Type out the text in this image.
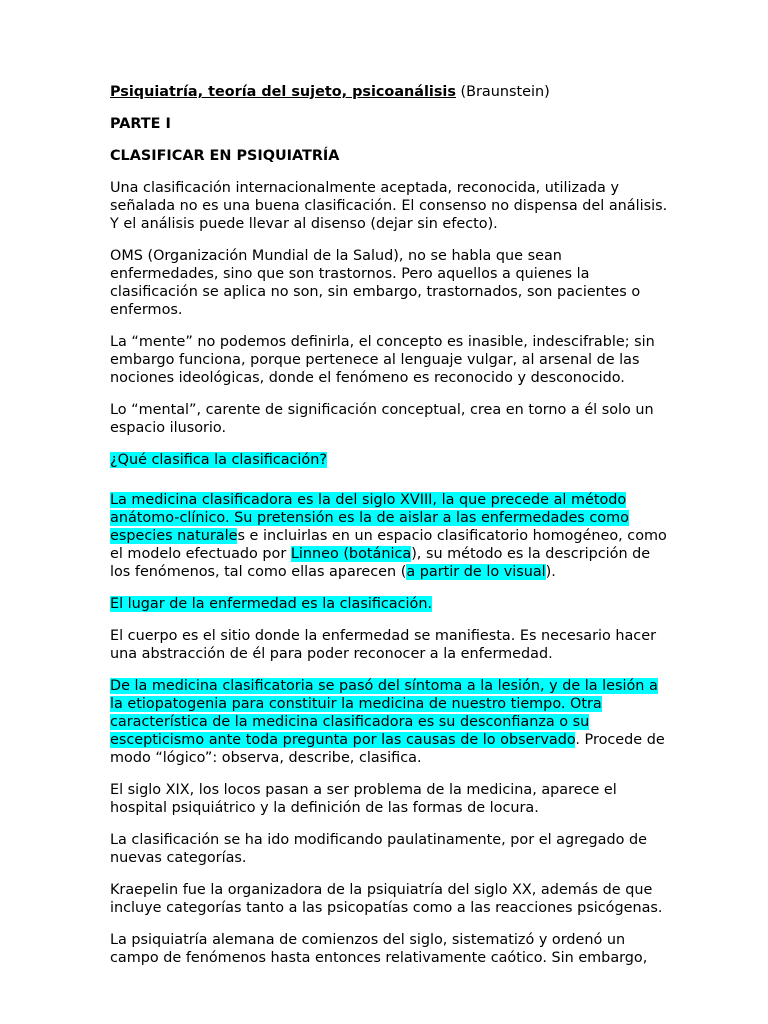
Psiquiatría, teoría del sujeto, psicoanálisis (Braunstein)

PARTE I

CLASIFICAR EN PSIQUIATRÍA

Una clasificación internacionalmente aceptada, reconocida, utilizada y señalada no es una buena clasificación. El consenso no dispensa del análisis. Y el análisis puede llevar al disenso (dejar sin efecto).

OMS (Organización Mundial de la Salud), no se habla que sean enfermedades, sino que son trastornos. Pero aquellos a quienes la clasificación se aplica no son, sin embargo, trastornados, son pacientes o enfermos.

La “mente” no podemos definirla, el concepto es inasible, indescifrable; sin embargo funciona, porque pertenece al lenguaje vulgar, al arsenal de las nociones ideológicas, donde el fenómeno es reconocido y desconocido.

Lo “mental”, carente de significación conceptual, crea en torno a él solo un espacio ilusorio.

¿Qué clasifica la clasificación?

La medicina clasificadora es la del siglo XVIII, la que precede al método anátomo-clínico. Su pretensión es la de aislar a las enfermedades como especies naturales e incluirlas en un espacio clasificatorio homogéneo, como el modelo efectuado por Linneo (botánica), su método es la descripción de los fenómenos, tal como ellas aparecen (a partir de lo visual).

El lugar de la enfermedad es la clasificación.

El cuerpo es el sitio donde la enfermedad se manifiesta. Es necesario hacer una abstracción de él para poder reconocer a la enfermedad.

De la medicina clasificatoria se pasó del síntoma a la lesión, y de la lesión a la etiopatogenia para constituir la medicina de nuestro tiempo. Otra característica de la medicina clasificadora es su desconfianza o su escepticismo ante toda pregunta por las causas de lo observado. Procede de modo “lógico”: observa, describe, clasifica.

El siglo XIX, los locos pasan a ser problema de la medicina, aparece el hospital psiquiátrico y la definición de las formas de locura.

La clasificación se ha ido modificando paulatinamente, por el agregado de nuevas categorías.

Kraepelin fue la organizadora de la psiquiatría del siglo XX, además de que incluye categorías tanto a las psicopatías como a las reacciones psicógenas.

La psiquiatría alemana de comienzos del siglo, sistematizó y ordenó un campo de fenómenos hasta entonces relativamente caótico. Sin embargo,
